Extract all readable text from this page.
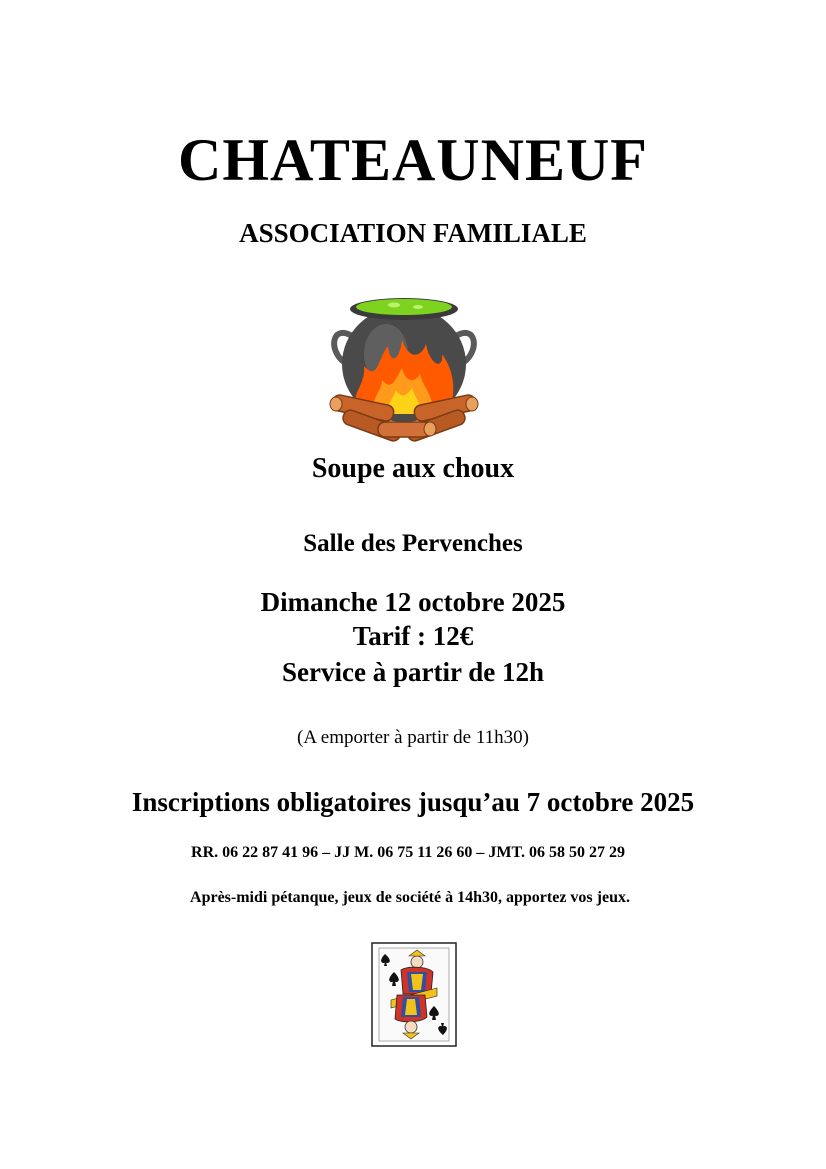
CHATEAUNEUF
ASSOCIATION FAMILIALE
Soupe aux choux
Salle des Pervenches
Dimanche 12 octobre 2025
Tarif : 12€
Service à partir de 12h
(A emporter à partir de 11h30)
Inscriptions obligatoires jusqu’au 7 octobre 2025
RR. 06 22 87 41 96 – JJ M. 06 75 11 26 60 – JMT. 06 58 50 27 29
Après-midi pétanque, jeux de société à 14h30, apportez vos jeux.
